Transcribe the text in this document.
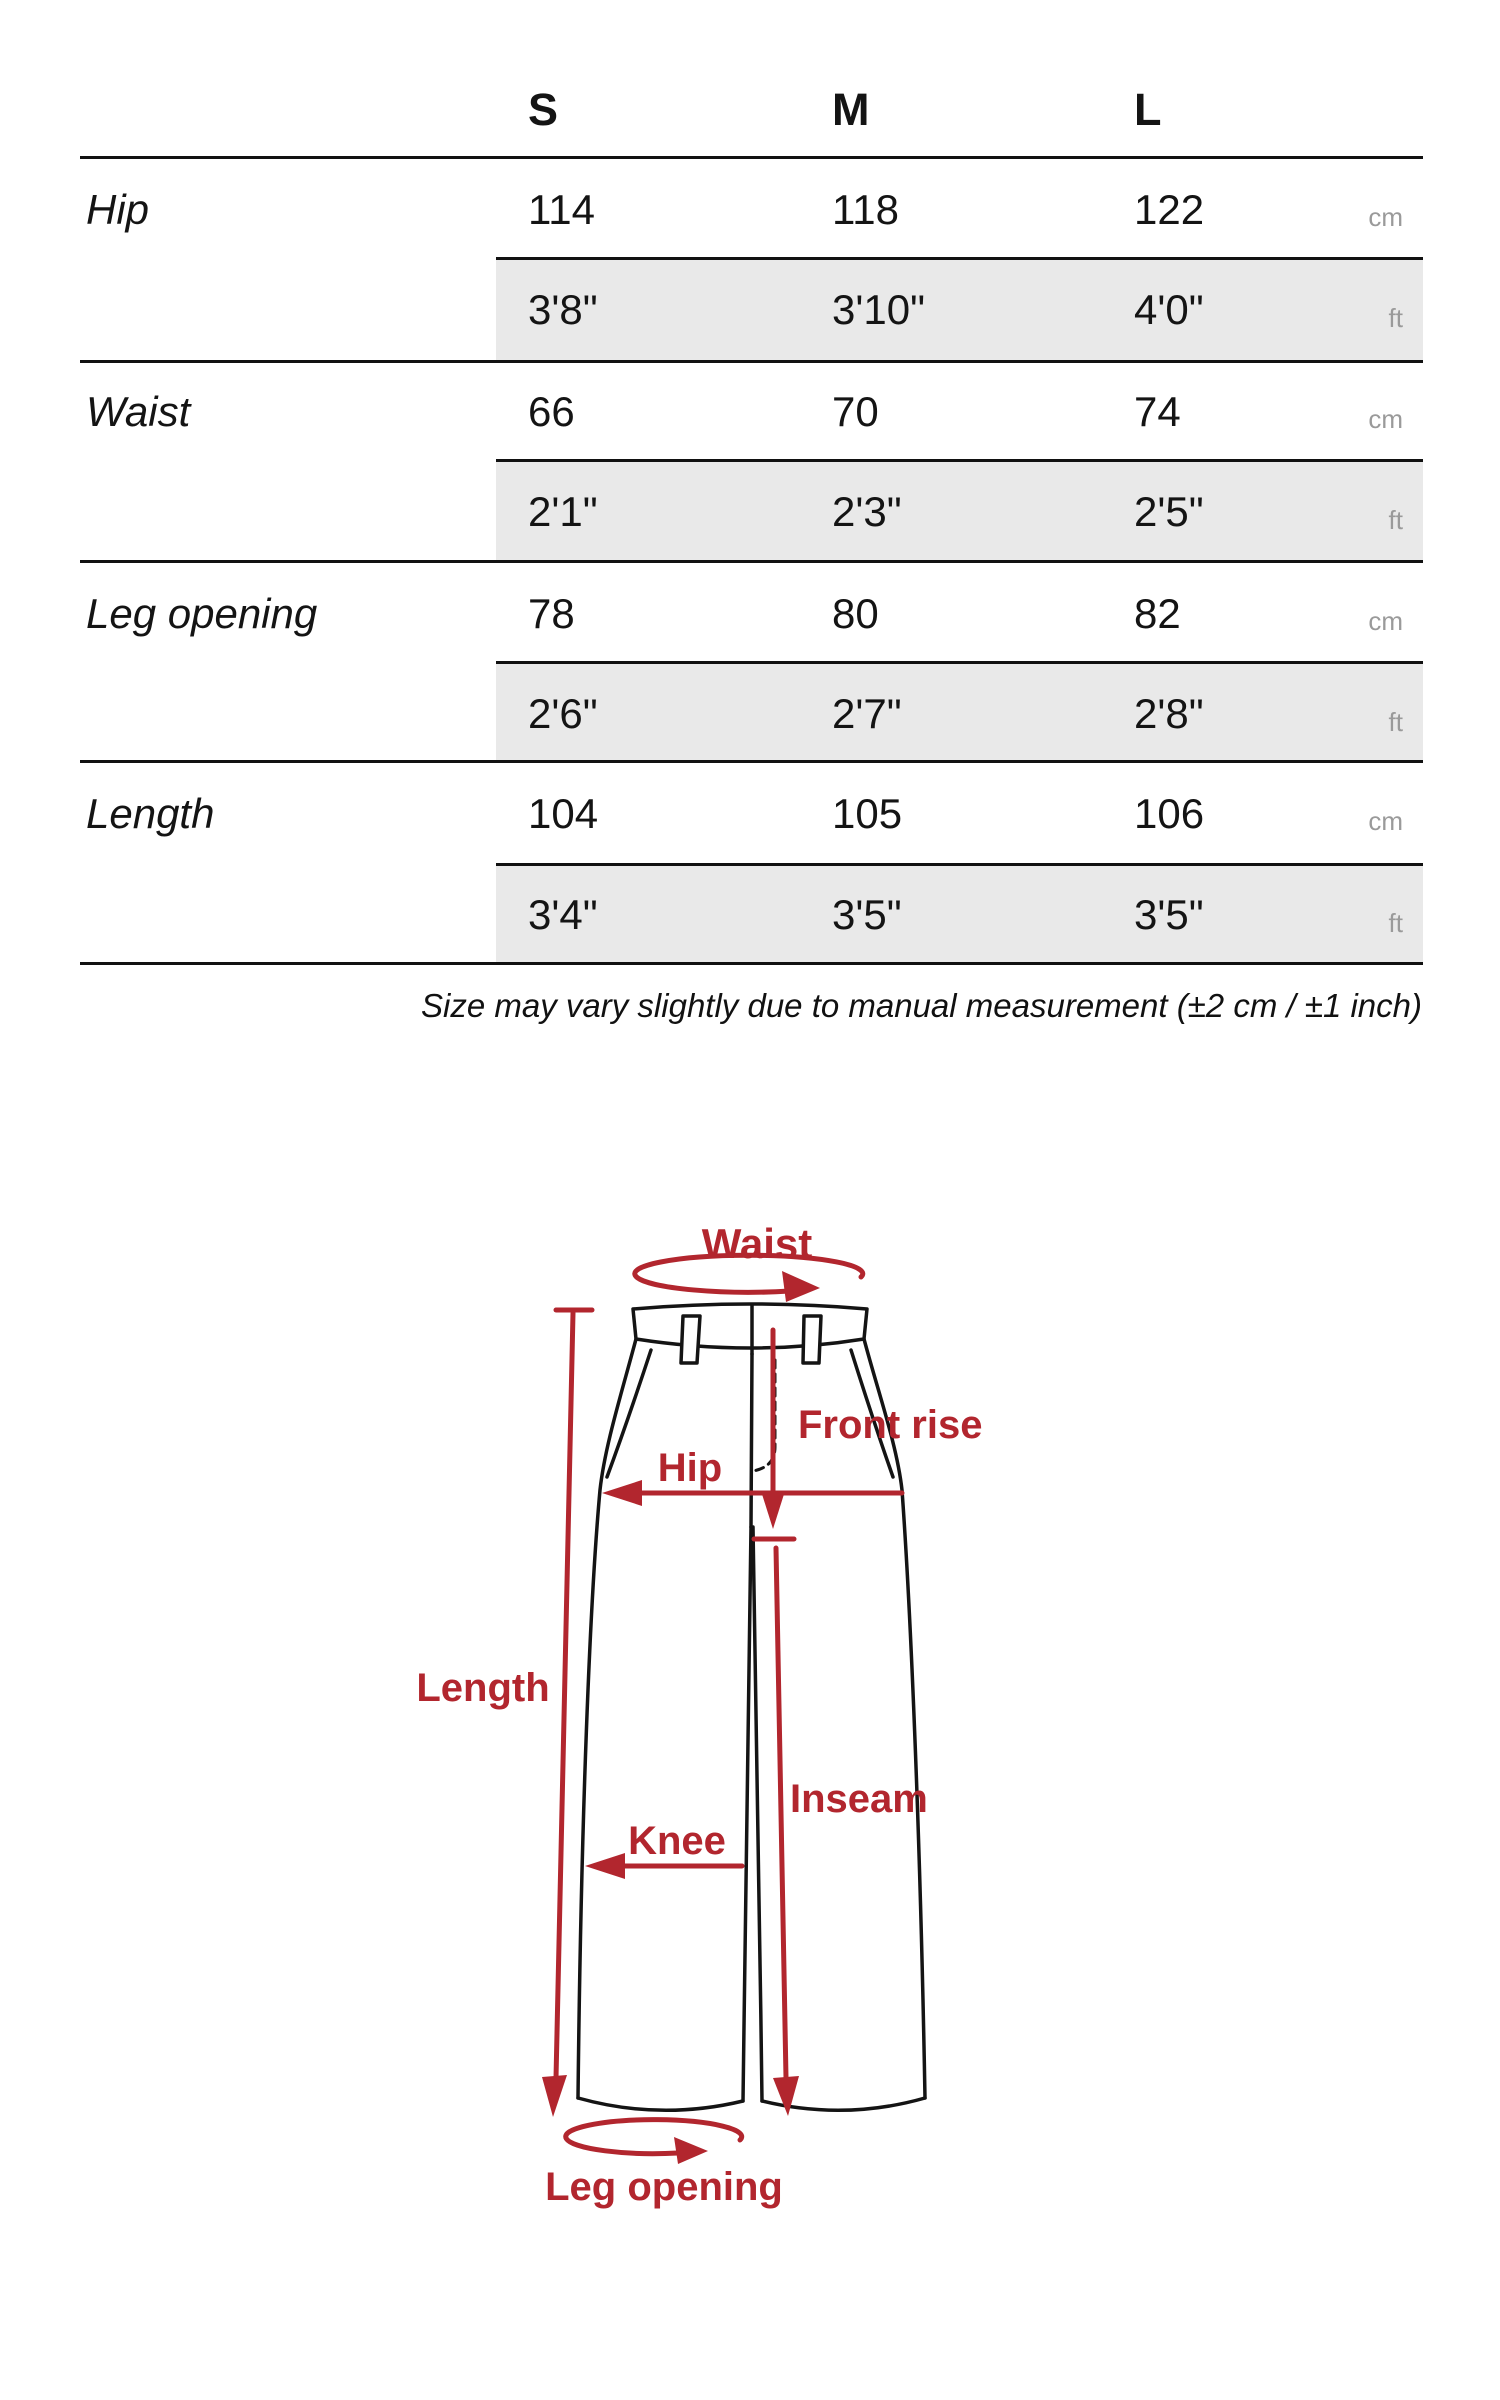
S	M	L
Hip	114	118	122	cm
3'8"	3'10"	4'0"	ft
Waist	66	70	74	cm
2'1"	2'3"	2'5"	ft
Leg opening	78	80	82	cm
2'6"	2'7"	2'8"	ft
Length	104	105	106	cm
3'4"	3'5"	3'5"	ft
Size may vary slightly due to manual measurement (±2 cm / ±1 inch)
Waist
Front rise
Hip
Length
Inseam
Knee
Leg opening
